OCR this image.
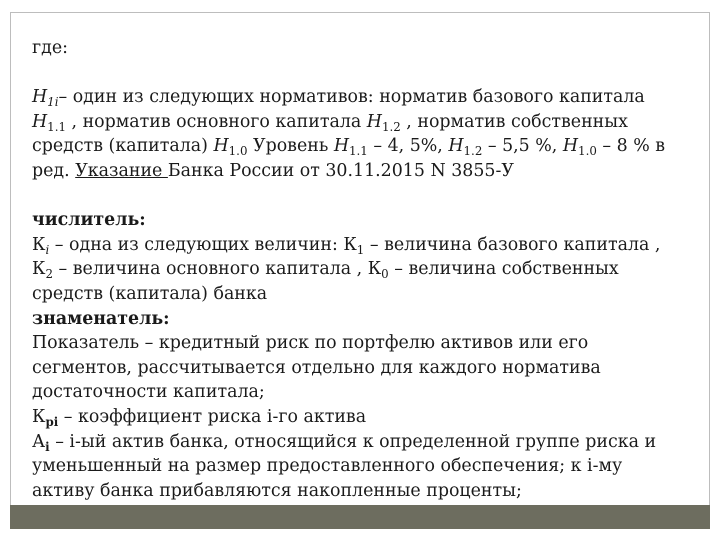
где:
$H_{1i}-$ один из следующих нормативов: норматив базового капитала
$H_{1.1}$ , норматив основного капитала $H_{1.2}$ , норматив собственных
средств (капитала) $H_{1.0}$ Уровень $H_{1.1} - 4$, 5%, $H_{1.2} - 5,5$ %, $H_{1.0} - 8$ % в
ред. Указание Банка России от 30.11.2015 N 3855-У
числитель:
$К_i$ – одна из следующих величин: $К_1$ – величина базового капитала ,
$К_2$ – величина основного капитала , $К_0$ – величина собственных
средств (капитала) банка
знаменатель:
Показатель – кредитный риск по портфелю активов или его
сегментов, рассчитывается отдельно для каждого норматива
достаточности капитала;
$К_{pi}$ – коэффициент риска i-го актива
$А_i - i-ый$ актив банка, относящийся к определенной группе риска и
уменьшенный на размер предоставленного обеспечения; к i-му
активу банка прибавляются накопленные проценты;
